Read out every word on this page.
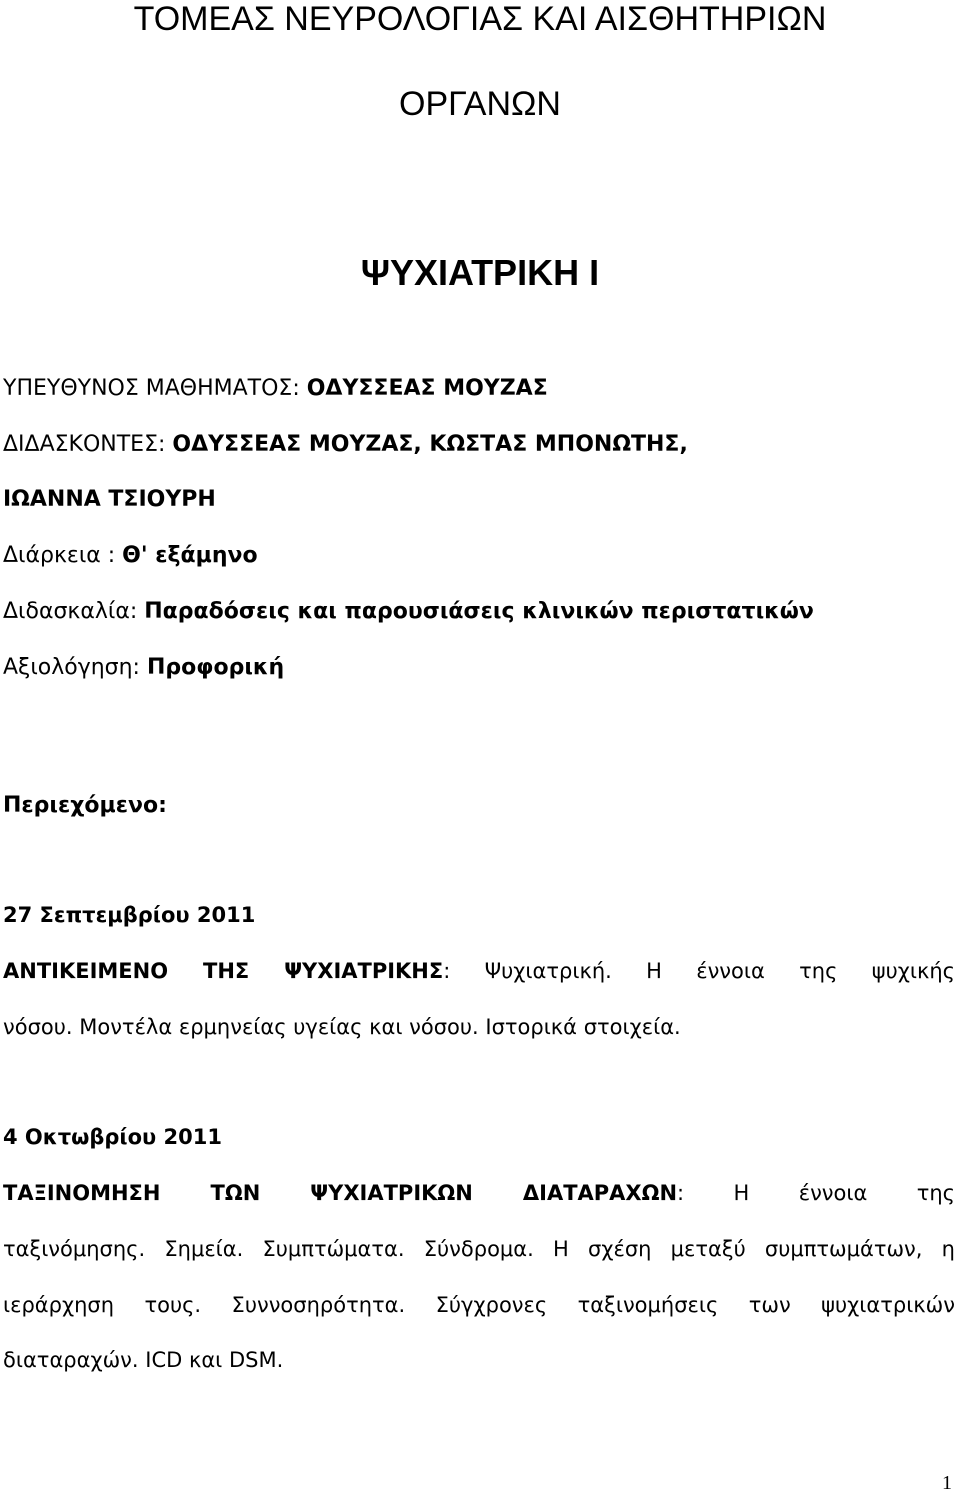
ΤΟΜΕΑΣ ΝΕΥΡΟΛΟΓΙΑΣ ΚΑΙ ΑΙΣΘΗΤΗΡΙΩΝ
ΟΡΓΑΝΩΝ
ΨΥΧΙΑΤΡΙΚΗ Ι
ΥΠΕΥΘΥΝΟΣ ΜΑΘΗΜΑΤΟΣ: ΟΔΥΣΣΕΑΣ ΜΟΥΖΑΣ
ΔΙΔΑΣΚΟΝΤΕΣ: ΟΔΥΣΣΕΑΣ ΜΟΥΖΑΣ, ΚΩΣΤΑΣ ΜΠΟΝΩΤΗΣ,
ΙΩΑΝΝΑ ΤΣΙΟΥΡΗ
Διάρκεια : Θ' εξάμηνο
Διδασκαλία: Παραδόσεις και παρουσιάσεις κλινικών περιστατικών
Αξιολόγηση: Προφορική
Περιεχόμενο:
27 Σεπτεμβρίου 2011
ΑΝΤΙΚΕΙΜΕΝΟ ΤΗΣ ΨΥΧΙΑΤΡΙΚΗΣ: Ψυχιατρική. Η έννοια της ψυχικής
νόσου. Μοντέλα ερμηνείας υγείας και νόσου. Ιστορικά στοιχεία.
4 Οκτωβρίου 2011
ΤΑΞΙΝΟΜΗΣΗ ΤΩΝ ΨΥΧΙΑΤΡΙΚΩΝ ΔΙΑΤΑΡΑΧΩΝ: Η έννοια της
ταξινόμησης. Σημεία. Συμπτώματα. Σύνδρομα. Η σχέση μεταξύ συμπτωμάτων, η
ιεράρχηση τους. Συννοσηρότητα. Σύγχρονες ταξινομήσεις των ψυχιατρικών
διαταραχών. ICD και DSM.
1
